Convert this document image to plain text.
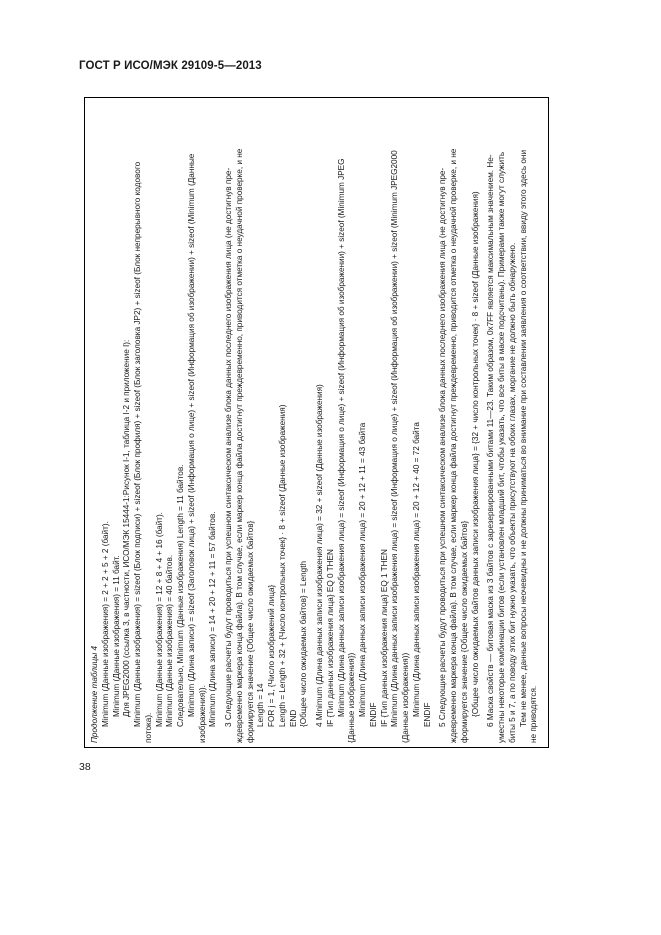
ГОСТ Р ИСО/МЭК 29109-5—2013
Продолжение таблицы 4 Minimum (Данные изображения) = 2 + 2 + 5 + 2 (байт). Minimum (Данные изображения) = 11 байт. Для JPEG2000 (ссылка 3, в частности, ИСО/МЭК 15444-1:Рисунок I-1, таблица I-2 и приложение I): Minimum (Данные изображения) = sizeof (Блок подписи) + sizeof (Блок профиля) + sizeof (Блок заголовка JP2) + sizeof (Блок непрерывного кодового
потока).
Minimum (Данные изображения) = 12 + 8 + 4 + 16 (байт). Minimum (Данные изображения) = 40 байтов. Следовательно, Minimum (Данные изображения) Length = 11 байтов. Minimum (Длина записи) = sizeof (Заголовок лица) + sizeof (Информация о лице) + sizeof (Информация об изображении) + sizeof (Minimum (Данные изображения)). Minimum (Длина записи) = 14 + 20 + 12 + 11 = 57 байтов. 3 Следующие расчеты будут проводиться при успешном синтаксическом анализе блока данных последнего изображения лица (не достигнув пре- ждевременно маркера конца файла). В том случае, если маркер конца файла достигнут преждевременно, приводится отметка о неудачной проверке, и не формируется значение {Общее число ожидаемых байтов} Length = 14 FOR j = 1, {Число изображений лица} Length = Length + 32 + {Число контрольных точек} · 8 + sizeof (Данные изображения) END {Общее число ожидаемых байтов} = Length 4 Minimum (Длина данных записи изображения лица) = 32 + sizeof (Данные изображения) IF {Тип данных изображения лица} EQ 0 THEN Minimum (Длина данных записи изображения лица) = sizeof (Информация о лице) + sizeof (Информация об изображении) + sizeof (Minimum JPEG {Данные изображения}) Minimum (Длина данных записи изображения лица) = 20 + 12 + 11 = 43 байта ENDIF IF {Тип данных изображения лица} EQ 1 THEN Minimum (Длина данных записи изображения лица) = sizeof (Информация о лице) + sizeof (Информация об изображении) + sizeof (Minimum JPEG2000 (Данные изображения)) Minimum (Длина данных записи изображения лица) = 20 + 12 + 40 = 72 байта ENDIF 5 Следующие расчеты будут проводиться при успешном синтаксическом анализе блока данных последнего изображения лица (не достигнув пре- ждевременно маркера конца файла). В том случае, если маркер конца файла достигнут преждевременно, приводится отметка о неудачной проверке, и не формируется значение {Общее число ожидаемых байтов} {Общее число ожидаемых байтов данных записи изображения лица} = {32 + число контрольных точек} · 8 + sizeof (Данные изображения) 6 Маска свойств — битовая маска из 3 байтов с зарезервированными битами 11—23. Таким образом, 0x7FF является максимальным значением. Не- уместны некоторые комбинации битов (если установлен младший бит, чтобы указать, что все биты в маске подсчитаны). Примерами также могут служить биты 5 и 7, а по поводу этих бит нужно указать, что объекты присутствуют на обоих глазах, моргание не должно быть обнаружено. Тем не менее, данные вопросы неочевидны и не должны приниматься во внимание при составлении заявления о соответствии, ввиду этого здесь они не приводятся.
38
